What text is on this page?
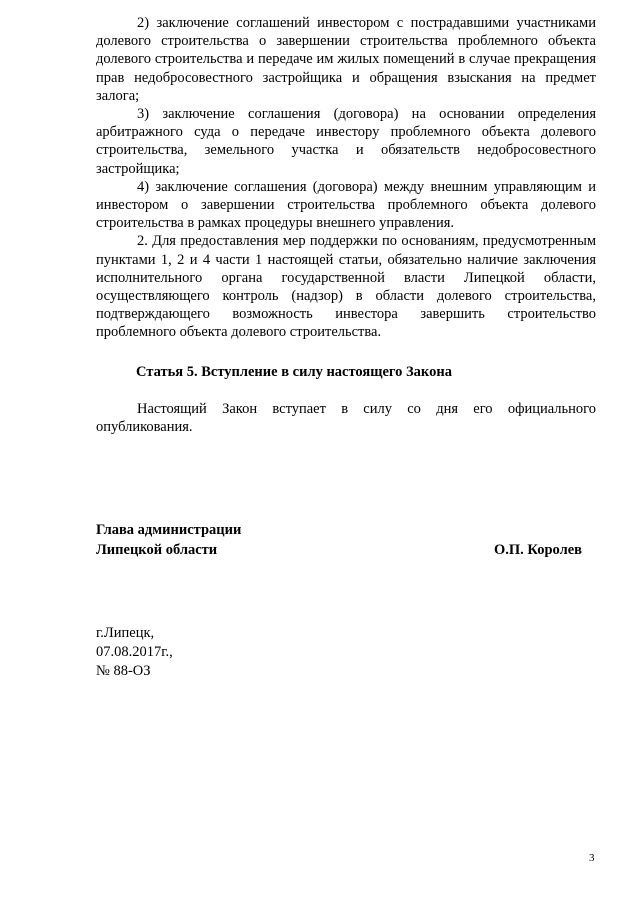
2) заключение соглашений инвестором с пострадавшими участниками долевого строительства о завершении строительства проблемного объекта долевого строительства и передаче им жилых помещений в случае прекращения прав недобросовестного застройщика и обращения взыскания на предмет залога;

3) заключение соглашения (договора) на основании определения арбитражного суда о передаче инвестору проблемного объекта долевого строительства, земельного участка и обязательств недобросовестного застройщика;

4) заключение соглашения (договора) между внешним управляющим и инвестором о завершении строительства проблемного объекта долевого строительства в рамках процедуры внешнего управления.

2. Для предоставления мер поддержки по основаниям, предусмотренным пунктами 1, 2 и 4 части 1 настоящей статьи, обязательно наличие заключения исполнительного органа государственной власти Липецкой области, осуществляющего контроль (надзор) в области долевого строительства, подтверждающего возможность инвестора завершить строительство проблемного объекта долевого строительства.

Статья 5. Вступление в силу настоящего Закона

Настоящий Закон вступает в силу со дня его официального опубликования.

Глава администрации
Липецкой области	О.П. Королев
г.Липецк,
07.08.2017г.,
№ 88-ОЗ
3
